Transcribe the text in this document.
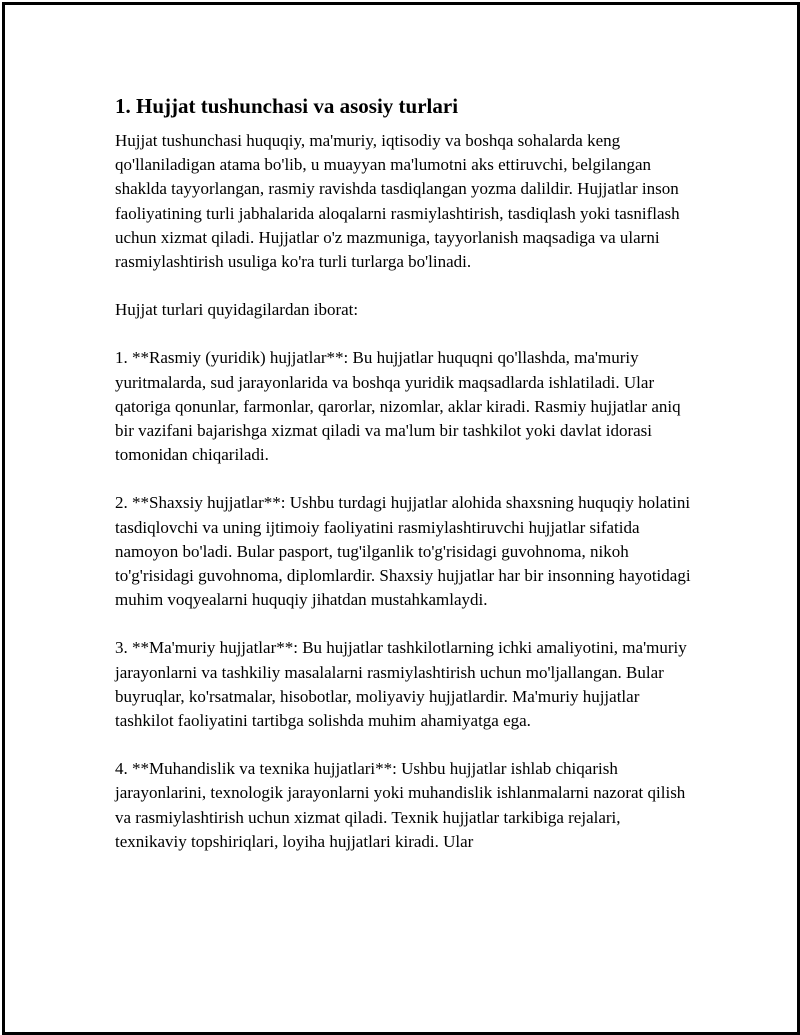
1. Hujjat tushunchasi va asosiy turlari

Hujjat tushunchasi huquqiy, ma'muriy, iqtisodiy va boshqa sohalarda keng qo'llaniladigan atama bo'lib, u muayyan ma'lumotni aks ettiruvchi, belgilangan shaklda tayyorlangan, rasmiy ravishda tasdiqlangan yozma dalildir. Hujjatlar inson faoliyatining turli jabhalarida aloqalarni rasmiylashtirish, tasdiqlash yoki tasniflash uchun xizmat qiladi. Hujjatlar o'z mazmuniga, tayyorlanish maqsadiga va ularni rasmiylashtirish usuliga ko'ra turli turlarga bo'linadi.

Hujjat turlari quyidagilardan iborat:

1. **Rasmiy (yuridik) hujjatlar**: Bu hujjatlar huquqni qo'llashda, ma'muriy yuritmalarda, sud jarayonlarida va boshqa yuridik maqsadlarda ishlatiladi. Ular qatoriga qonunlar, farmonlar, qarorlar, nizomlar, aklar kiradi. Rasmiy hujjatlar aniq bir vazifani bajarishga xizmat qiladi va ma'lum bir tashkilot yoki davlat idorasi tomonidan chiqariladi.

2. **Shaxsiy hujjatlar**: Ushbu turdagi hujjatlar alohida shaxsning huquqiy holatini tasdiqlovchi va uning ijtimoiy faoliyatini rasmiylashtiruvchi hujjatlar sifatida namoyon bo'ladi. Bular pasport, tug'ilganlik to'g'risidagi guvohnoma, nikoh to'g'risidagi guvohnoma, diplomlardir. Shaxsiy hujjatlar har bir insonning hayotidagi muhim voqyealarni huquqiy jihatdan mustahkamlaydi.

3. **Ma'muriy hujjatlar**: Bu hujjatlar tashkilotlarning ichki amaliyotini, ma'muriy jarayonlarni va tashkiliy masalalarni rasmiylashtirish uchun mo'ljallangan. Bular buyruqlar, ko'rsatmalar, hisobotlar, moliyaviy hujjatlardir. Ma'muriy hujjatlar tashkilot faoliyatini tartibga solishda muhim ahamiyatga ega.

4. **Muhandislik va texnika hujjatlari**: Ushbu hujjatlar ishlab chiqarish jarayonlarini, texnologik jarayonlarni yoki muhandislik ishlanmalarni nazorat qilish va rasmiylashtirish uchun xizmat qiladi. Texnik hujjatlar tarkibiga rejalari, texnikaviy topshiriqlari, loyiha hujjatlari kiradi. Ular
